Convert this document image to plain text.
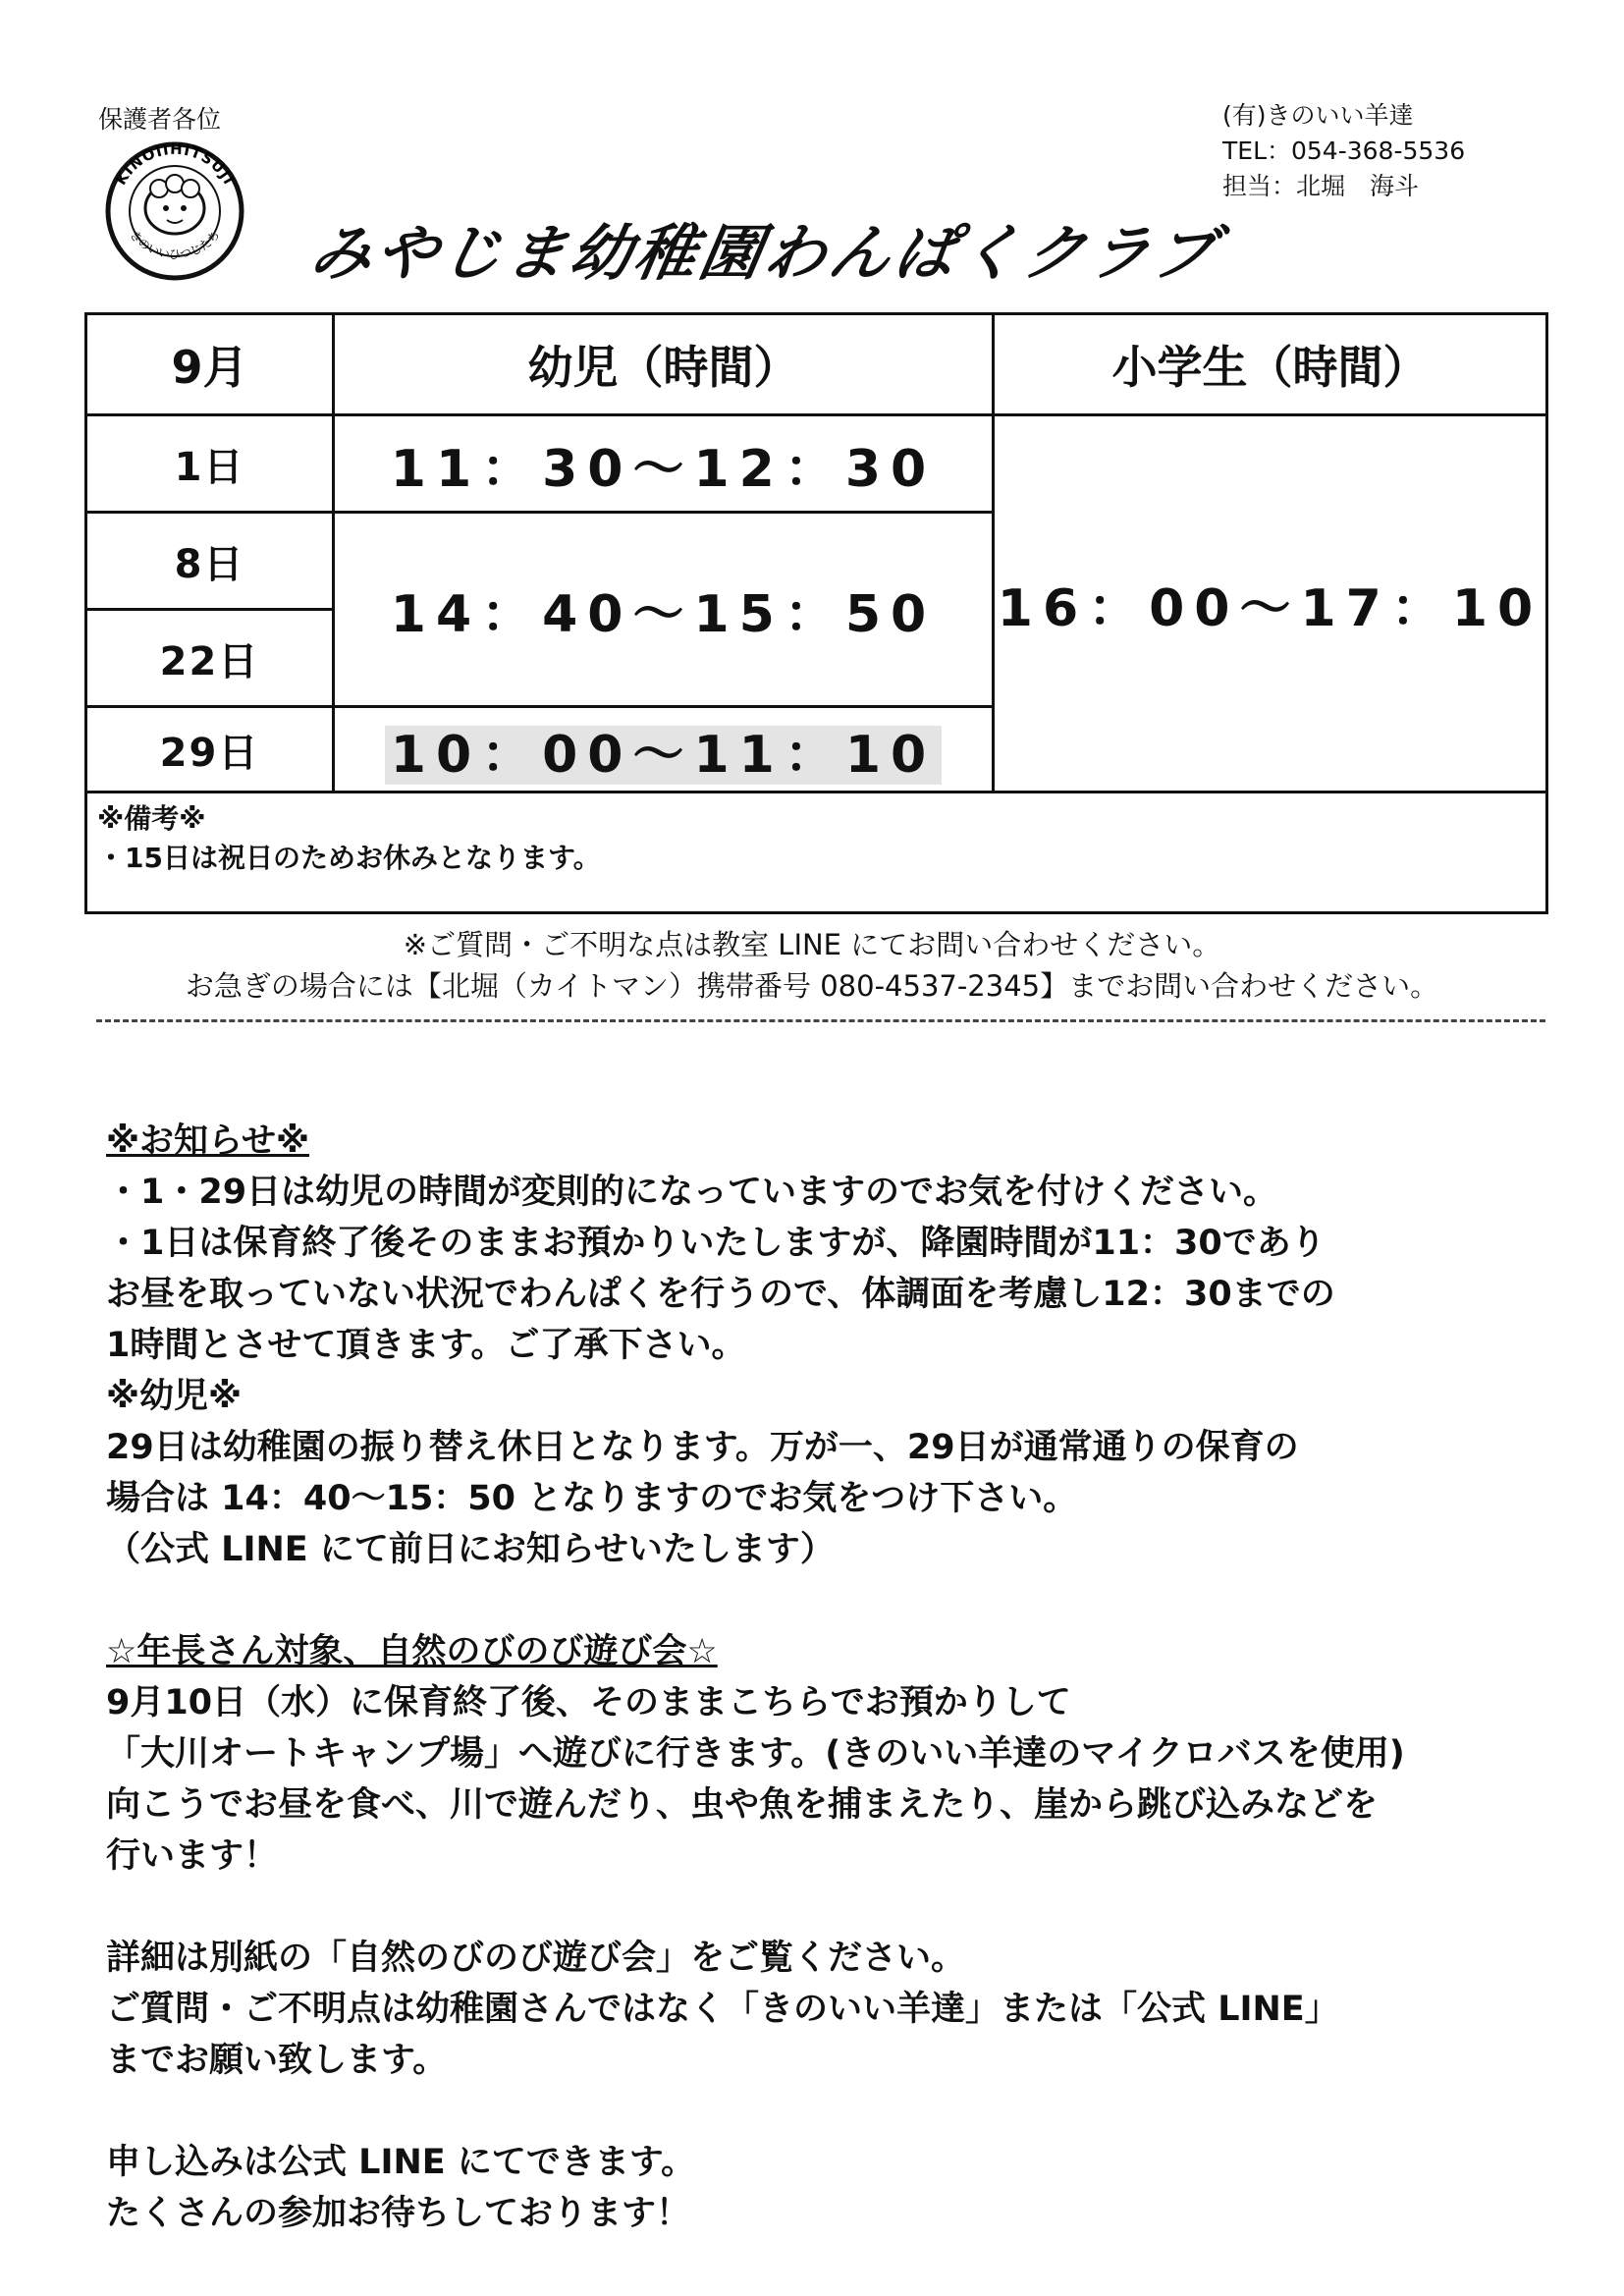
保護者各位	(有)きのいい羊達
TEL：054-368-5536
担当：北堀　海斗
KINOIIHITSUJI
きのいいひつじたち みやじま幼稚園わんぱくクラブ
9月	幼児（時間）	小学生（時間）
1日	11：30～12：30	16：00～17：10
8日	14：40～15：50	
22日		
29日	10：00～11：10	

※備考※
・15日は祝日のためお休みとなります。		
※ご質問・ご不明な点は教室 LINE にてお問い合わせください。
お急ぎの場合には【北堀（カイトマン）携帯番号 080-4537-2345】までお問い合わせください。
※お知らせ※
・1・29日は幼児の時間が変則的になっていますのでお気を付けください。
・1日は保育終了後そのままお預かりいたしますが、降園時間が11：30であり
お昼を取っていない状況でわんぱくを行うので、体調面を考慮し12：30までの
1時間とさせて頂きます。ご了承下さい。
※幼児※
29日は幼稚園の振り替え休日となります。万が一、29日が通常通りの保育の
場合は 14：40～15：50 となりますのでお気をつけ下さい。
（公式 LINE にて前日にお知らせいたします）
☆年長さん対象、自然のびのび遊び会☆
9月10日（水）に保育終了後、そのままこちらでお預かりして
「大川オートキャンプ場」へ遊びに行きます。(きのいい羊達のマイクロバスを使用)
向こうでお昼を食べ、川で遊んだり、虫や魚を捕まえたり、崖から跳び込みなどを
行います！
詳細は別紙の「自然のびのび遊び会」をご覧ください。
ご質問・ご不明点は幼稚園さんではなく「きのいい羊達」または「公式 LINE」
までお願い致します。
申し込みは公式 LINE にてできます。
たくさんの参加お待ちしております！
